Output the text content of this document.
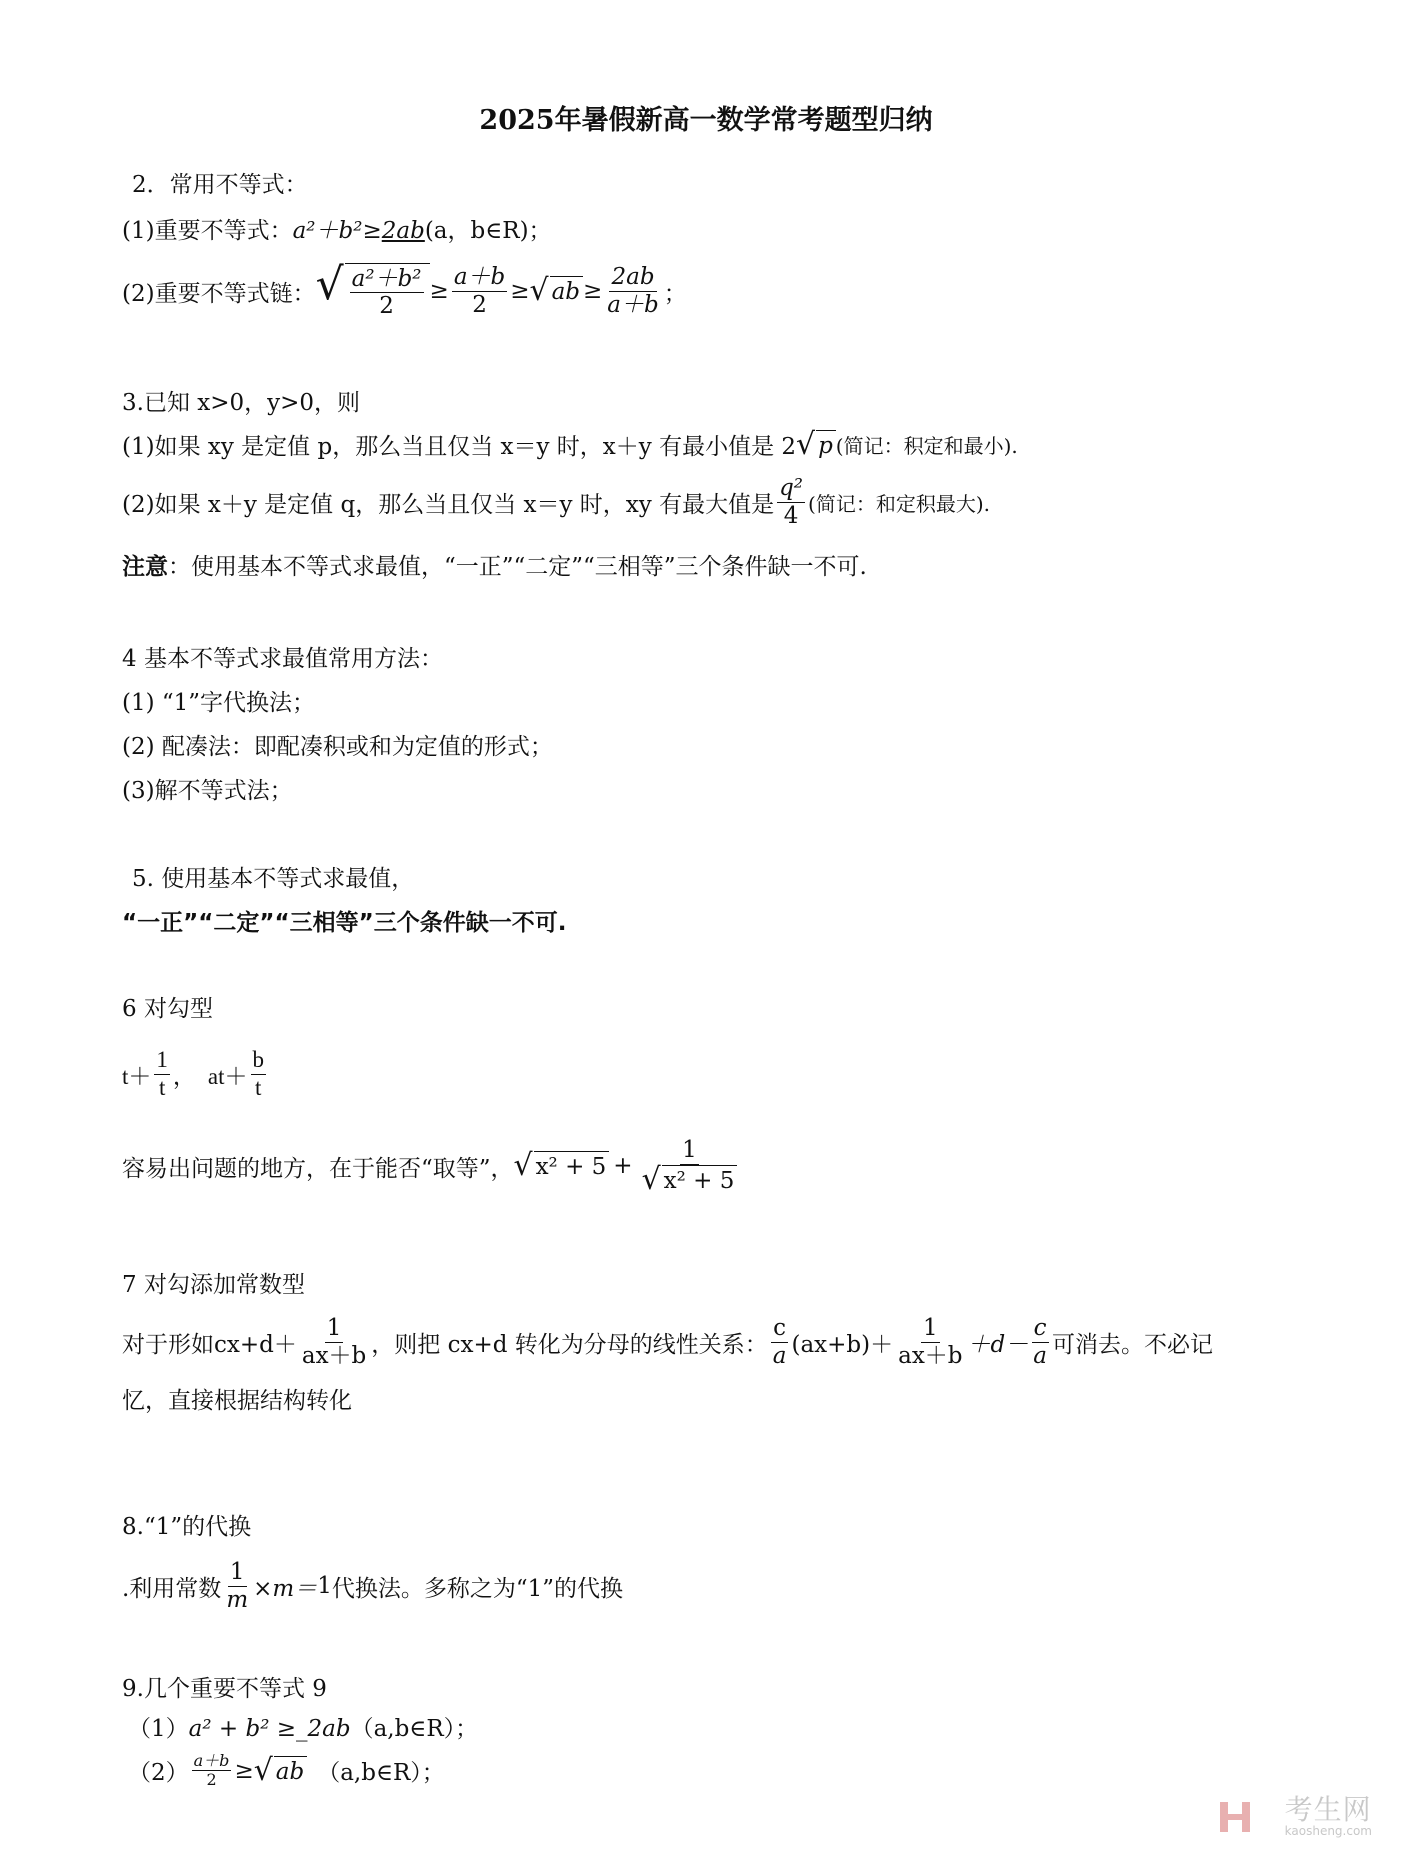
2025年暑假新高一数学常考题型归纳
2．常用不等式：
(1)重要不等式：a²＋b²≥2ab(a，b∈R)；
(2)重要不等式链： √ $\frac{\text{a²＋b²}}{2} \ge \frac{a+b}{2}$ ≥ √ ab ≥ $\frac{2ab}{a+b}$ ；
3.已知 x>0，y>0，则
(1)如果 xy 是定值 p，那么当且仅当 x＝y 时，x＋y 有最小值是 2 √ p (简记：积定和最小).
(2)如果 x＋y 是定值 q，那么当且仅当 x＝y 时，xy 有最大值是 $\frac{\text{q²}}{4}$ (简记：和定积最大).
注意：使用基本不等式求最值，“一正”“二定”“三相等”三个条件缺一不可.
4 基本不等式求最值常用方法：
(1) “1”字代换法；
(2) 配凑法：即配凑积或和为定值的形式；
(3)解不等式法；
5. 使用基本不等式求最值，
“一正”“二定”“三相等”三个条件缺一不可.
6 对勾型
$t+ \frac{1}{t}$ ， $at+ \frac{b}{t}$
容易出问题的地方，在于能否“取等”， √ $x^2 + 5 + \frac{1}{\text{√ x² + 5}}$
7 对勾添加常数型
对于形如 $cx+d+ \frac{1}{ax+b}$ ，则把 cx+d 转化为分母的线性关系： $\frac{c}{a} (ax+b)+ \frac{1}{ax+b} +d- \frac{c}{a}$ 可消去。不必记
忆，直接根据结构转化
8.“1”的代换
.利用常数 $\frac{1}{m} \times m= 1$ 代换法。多称之为“1”的代换
9.几个重要不等式 9
（1）a² + b² ≥_2ab（a,b∈R）；
$(2) \frac{a+b}{2}$ ≥ √ ab （a,b∈R）；
考生网
kaosheng.com
